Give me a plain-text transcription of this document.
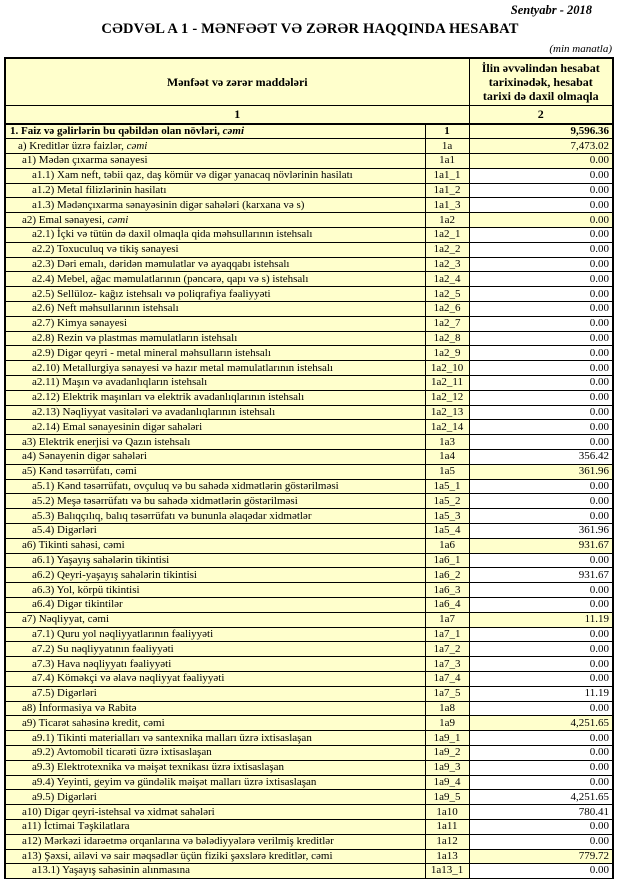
Sentyabr - 2018
CƏDVƏL A 1 - MƏNFƏƏT VƏ ZƏRƏR HAQQINDA HESABAT
(min manatla)
Mənfəət və zərər maddələri		İlin əvvəlindən hesabat tarixinədək, hesabat tarixi də daxil olmaqla
1		2
1. Faiz və gəlirlərin bu qəbildən olan növləri, cəmi	1	9,596.36
a) Kreditlər üzrə faizlər, cəmi	1a	7,473.02
a1) Mədən çıxarma sənayesi	1a1	0.00
a1.1) Xam neft, təbii qaz, daş kömür və digər yanacaq növlərinin hasilatı	1a1_1	0.00
a1.2) Metal filizlərinin hasilatı	1a1_2	0.00
a1.3) Mədənçıxarma sənayəsinin digər sahələri (karxana və s)	1a1_3	0.00
a2) Emal sənayesi, cəmi	1a2	0.00
a2.1) İçki və tütün də daxil olmaqla qida məhsullarının istehsalı	1a2_1	0.00
a2.2) Toxuculuq və tikiş sənayesi	1a2_2	0.00
a2.3) Dəri emalı, dəridən məmulatlar və ayaqqabı istehsalı	1a2_3	0.00
a2.4) Mebel, ağac məmulatlarının (pəncərə, qapı və s) istehsalı	1a2_4	0.00
a2.5) Sellüloz- kağız istehsalı və poliqrafiya fəaliyyəti	1a2_5	0.00
a2.6) Neft məhsullarının istehsalı	1a2_6	0.00
a2.7) Kimya sənayesi	1a2_7	0.00
a2.8) Rezin və plastmas məmulatların istehsalı	1a2_8	0.00
a2.9) Digər qeyri - metal mineral məhsulların istehsalı	1a2_9	0.00
a2.10) Metallurgiya sənayesi və hazır metal məmulatlarının istehsalı	1a2_10	0.00
a2.11) Maşın və avadanlıqların istehsalı	1a2_11	0.00
a2.12) Elektrik maşınları və elektrik avadanlıqlarının istehsalı	1a2_12	0.00
a2.13) Nəqliyyat vasitələri və avadanlıqlarının istehsalı	1a2_13	0.00
a2.14) Emal sənayesinin digər sahələri	1a2_14	0.00
a3) Elektrik enerjisi və Qazın istehsalı	1a3	0.00
a4) Sənayenin digər sahələri	1a4	356.42
a5) Kənd təsərrüfatı, cəmi	1a5	361.96
a5.1) Kənd təsərrüfatı, ovçuluq və bu sahədə xidmətlərin göstərilməsi	1a5_1	0.00
a5.2) Meşə təsərrüfatı və bu sahədə xidmətlərin göstərilməsi	1a5_2	0.00
a5.3) Balıqçılıq, balıq təsərrüfatı və bununla əlaqədar xidmətlər	1a5_3	0.00
a5.4) Digərləri	1a5_4	361.96
a6) Tikinti sahəsi, cəmi	1a6	931.67
a6.1) Yaşayış sahələrin tikintisi	1a6_1	0.00
a6.2) Qeyri-yaşayış sahələrin tikintisi	1a6_2	931.67
a6.3) Yol, körpü tikintisi	1a6_3	0.00
a6.4) Digər tikintilər	1a6_4	0.00
a7) Nəqliyyat, cəmi	1a7	11.19
a7.1) Quru yol nəqliyyatlarının fəaliyyəti	1a7_1	0.00
a7.2) Su nəqliyyatının fəaliyyəti	1a7_2	0.00
a7.3) Hava nəqliyyatı fəaliyyəti	1a7_3	0.00
a7.4) Köməkçi və əlavə nəqliyyat fəaliyyəti	1a7_4	0.00
a7.5) Digərləri	1a7_5	11.19
a8) İnformasiya və Rabitə	1a8	0.00
a9) Ticarət sahəsinə kredit, cəmi	1a9	4,251.65
a9.1) Tikinti materialları və santexnika malları üzrə ixtisaslaşan	1a9_1	0.00
a9.2) Avtomobil ticarəti üzrə ixtisaslaşan	1a9_2	0.00
a9.3) Elektrotexnika və məişət texnikası üzrə ixtisaslaşan	1a9_3	0.00
a9.4) Yeyinti, geyim və gündəlik məişət malları üzrə ixtisaslaşan	1a9_4	0.00
a9.5) Digərləri	1a9_5	4,251.65
a10) Digər qeyri-istehsal və xidmət sahələri	1a10	780.41
a11) İctimai Təşkilatlara	1a11	0.00
a12) Mərkəzi idarəetmə orqanlarına və bələdiyyələrə verilmiş kreditlər	1a12	0.00
a13) Şəxsi, ailəvi və sair məqsədlər üçün fiziki şəxslərə kreditlər, cəmi	1a13	779.72
a13.1) Yaşayış sahəsinin alınmasına	1a13_1	0.00
